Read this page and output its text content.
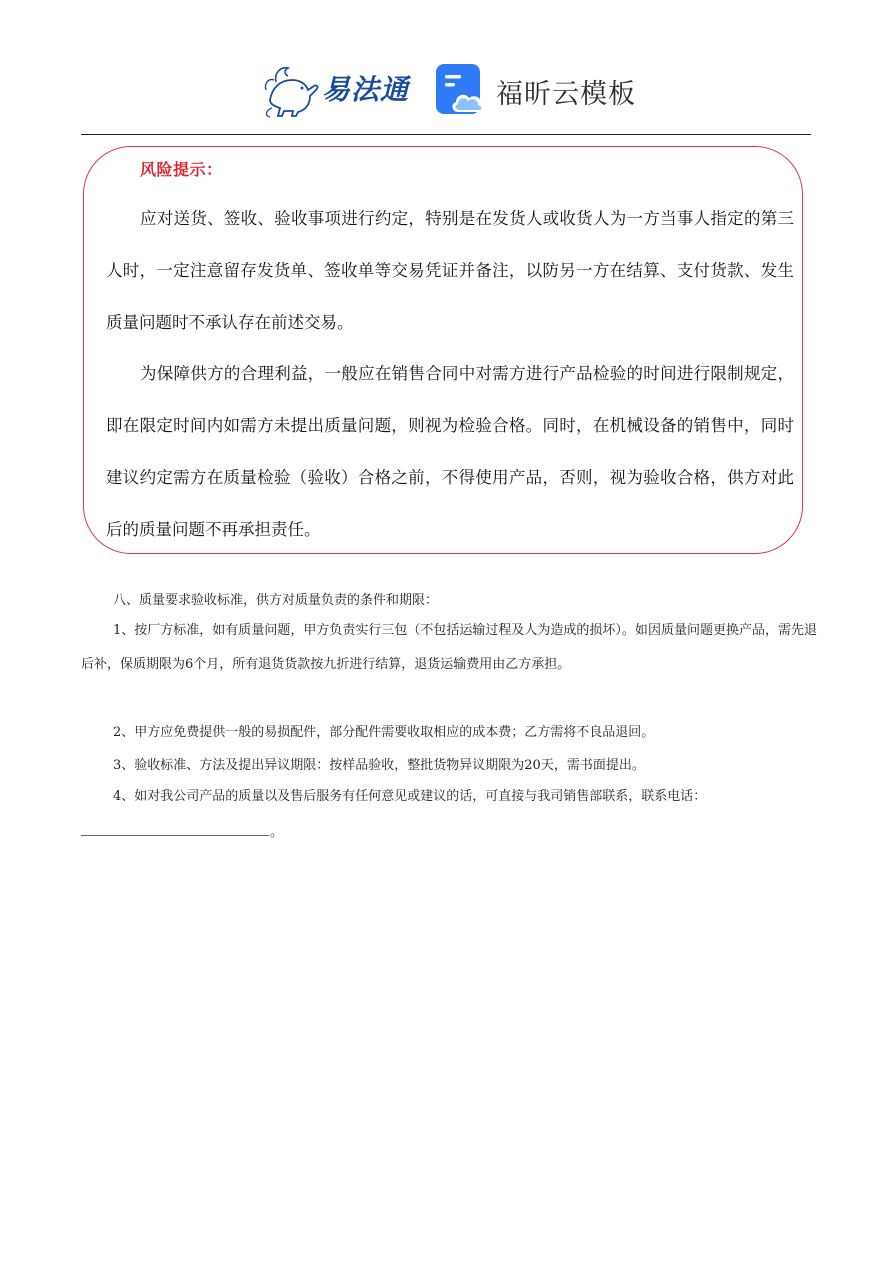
易法通	福昕云模板
风险提示：

应对送货、签收、验收事项进行约定，特别是在发货人或收货人为一方当事人指定的第三人时，一定注意留存发货单、签收单等交易凭证并备注，以防另一方在结算、支付货款、发生质量问题时不承认存在前述交易。

为保障供方的合理利益，一般应在销售合同中对需方进行产品检验的时间进行限制规定，即在限定时间内如需方未提出质量问题，则视为检验合格。同时，在机械设备的销售中，同时建议约定需方在质量检验（验收）合格之前，不得使用产品，否则，视为验收合格，供方对此后的质量问题不再承担责任。

八、质量要求验收标准，供方对质量负责的条件和期限：

1、按厂方标准，如有质量问题，甲方负责实行三包（不包括运输过程及人为造成的损坏）。如因质量问题更换产品，需先退后补，保质期限为6个月，所有退货货款按九折进行结算，退货运输费用由乙方承担。

2、甲方应免费提供一般的易损配件，部分配件需要收取相应的成本费；乙方需将不良品退回。

3、验收标准、方法及提出异议期限：按样品验收，整批货物异议期限为20天，需书面提出。

4、如对我公司产品的质量以及售后服务有任何意见或建议的话，可直接与我司销售部联系，联系电话：

。
